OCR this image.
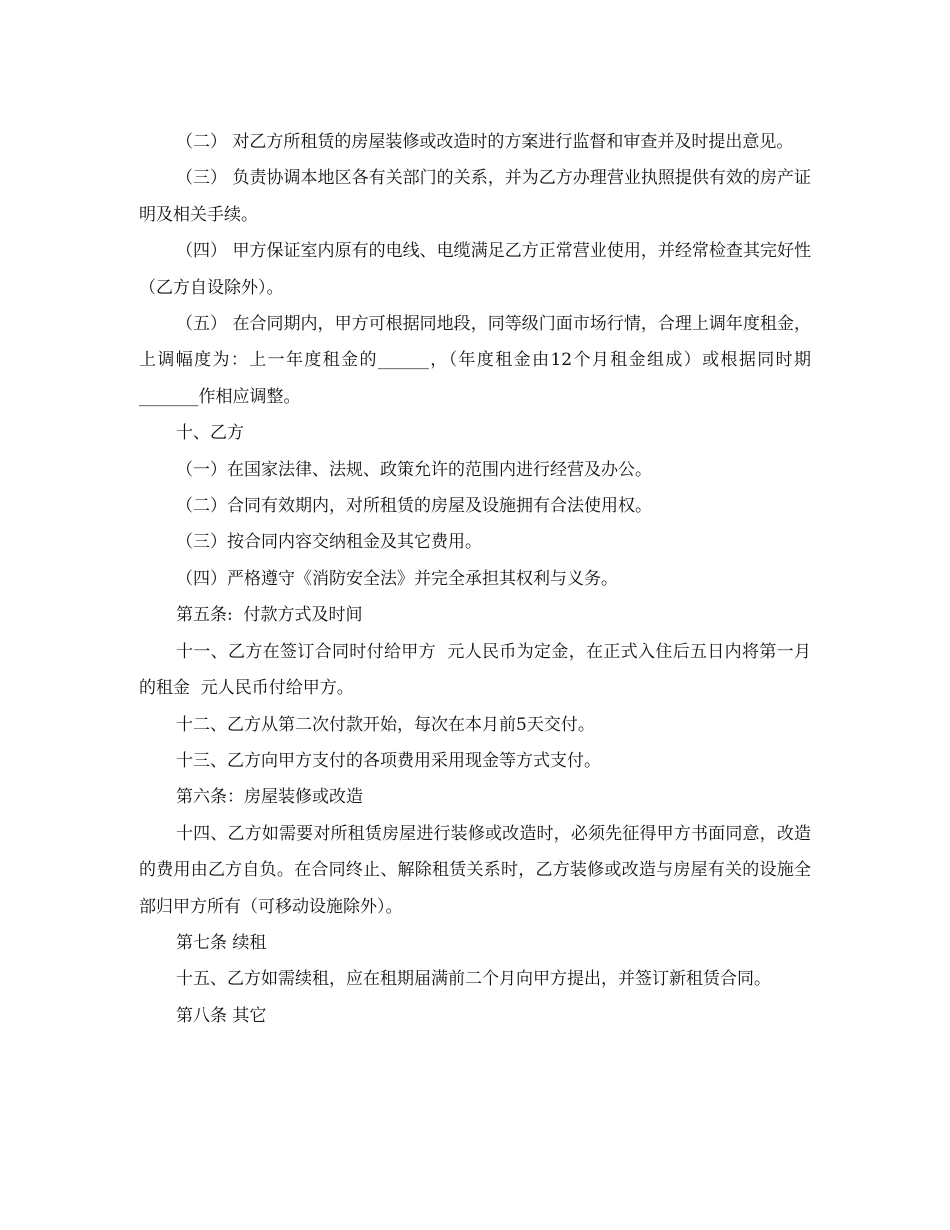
（二） 对乙方所租赁的房屋装修或改造时的方案进行监督和审查并及时提出意见。

（三） 负责协调本地区各有关部门的关系，并为乙方办理营业执照提供有效的房产证明及相关手续。

（四） 甲方保证室内原有的电线、电缆满足乙方正常营业使用，并经常检查其完好性（乙方自设除外）。

（五） 在合同期内，甲方可根据同地段，同等级门面市场行情，合理上调年度租金，上调幅度为：上一年度租金的______，（年度租金由12个月租金组成）或根据同时期_______作相应调整。

十、乙方

（一）在国家法律、法规、政策允许的范围内进行经营及办公。

（二）合同有效期内，对所租赁的房屋及设施拥有合法使用权。

（三）按合同内容交纳租金及其它费用。

（四）严格遵守《消防安全法》并完全承担其权利与义务。

第五条:  付款方式及时间

十一、乙方在签订合同时付给甲方  元人民币为定金，在正式入住后五日内将第一月的租金  元人民币付给甲方。

十二、乙方从第二次付款开始，每次在本月前5天交付。

十三、乙方向甲方支付的各项费用采用现金等方式支付。

第六条：房屋装修或改造

十四、乙方如需要对所租赁房屋进行装修或改造时，必须先征得甲方书面同意，改造的费用由乙方自负。在合同终止、解除租赁关系时，乙方装修或改造与房屋有关的设施全部归甲方所有（可移动设施除外）。

第七条 续租

十五、乙方如需续租，应在租期届满前二个月向甲方提出，并签订新租赁合同。

第八条 其它
